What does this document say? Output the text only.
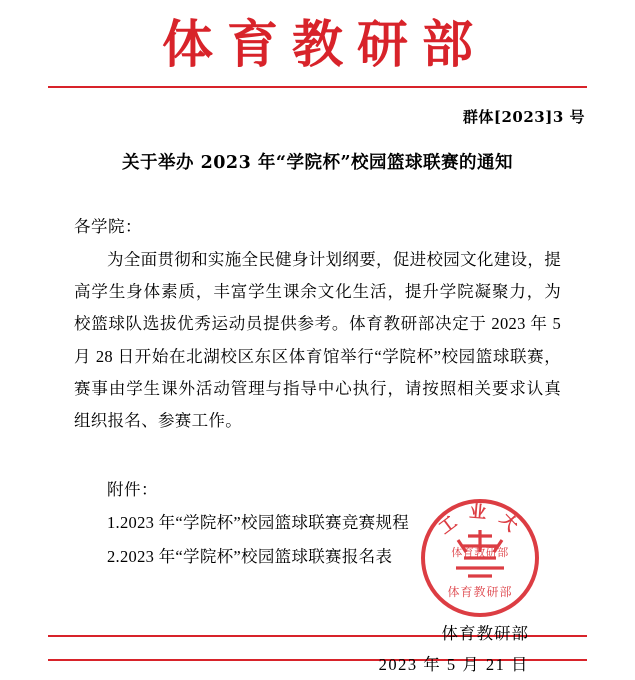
体育教研部
群体[2023]3 号
关于举办 2023 年“学院杯”校园篮球联赛的通知
各学院：
为全面贯彻和实施全民健身计划纲要，促进校园文化建设，提高学生身体素质，丰富学生课余文化生活，提升学院凝聚力，为校篮球队选拔优秀运动员提供参考。体育教研部决定于 2023 年 5 月 28 日开始在北湖校区东区体育馆举行“学院杯”校园篮球联赛，赛事由学生课外活动管理与指导中心执行，请按照相关要求认真组织报名、参赛工作。
附件：
1.2023 年“学院杯”校园篮球联赛竞赛规程
2.2023 年“学院杯”校园篮球联赛报名表
工业大
体育教研部
体育教研部
体育教研部
2023 年 5 月 21 日
